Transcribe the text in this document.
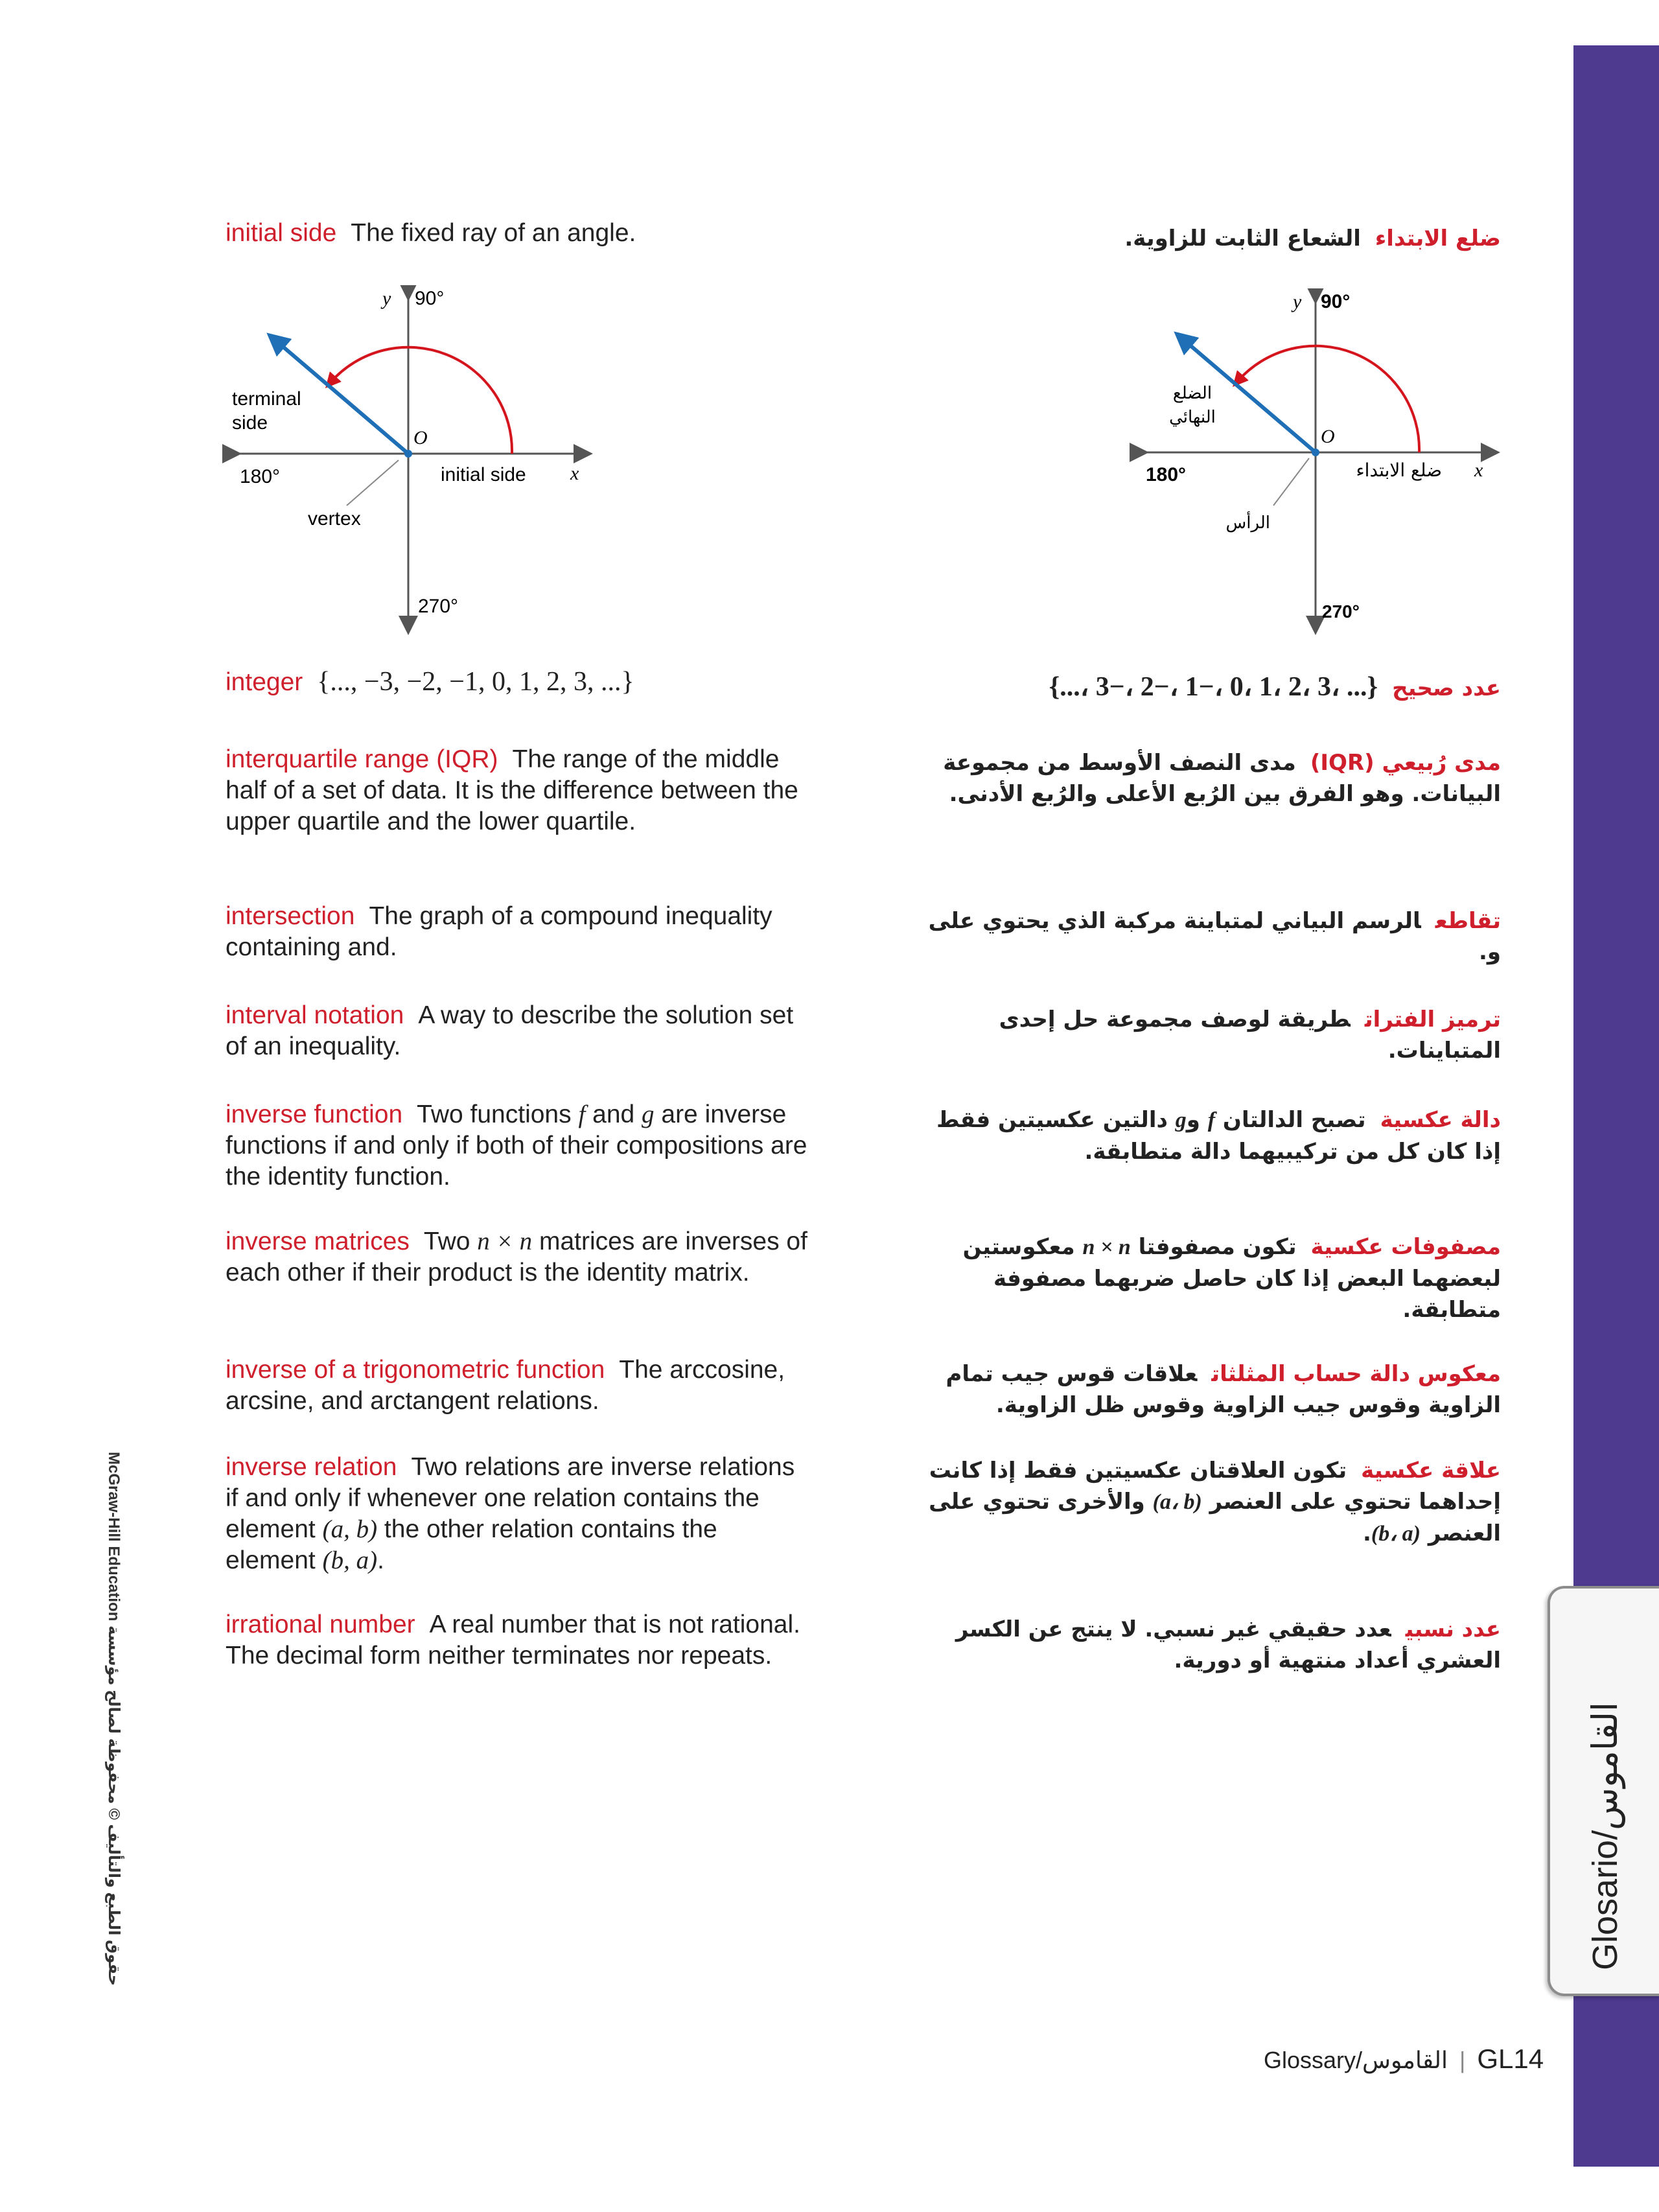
Glosario/القاموس
McGraw-Hill Education حقوق الطبع والتأليف © محفوظة لصالح مؤسسة
initial side The fixed ray of an angle.
y 90°
180°
270°
O
x
terminal
side
initial side
vertex
integer {..., −3, −2, −1, 0, 1, 2, 3, ...}
interquartile range (IQR) The range of the middle half of a set of data. It is the difference between the upper quartile and the lower quartile.
intersection The graph of a compound inequality containing and.
interval notation A way to describe the solution set of an inequality.
inverse function Two functions f and g are inverse functions if and only if both of their compositions are the identity function.
inverse matrices Two n × n matrices are inverses of each other if their product is the identity matrix.
inverse of a trigonometric function The arccosine, arcsine, and arctangent relations.
inverse relation Two relations are inverse relations if and only if whenever one relation contains the element (a, b) the other relation contains the element (b, a).
irrational number A real number that is not rational. The decimal form neither terminates nor repeats.
ضلع الابتداءالشعاع الثابت للزاوية.
y 90°
180°
270°
O
x
الضلع
النهائي
ضلع الابتداء
الرأس
عدد صحيح{... ،3 ،2 ،1 ،0 ،−1 ،−2 ،−3 ،...}
مدى رُبيعي (IQR)مدى النصف الأوسط من مجموعة البيانات. وهو الفرق بين الرُبع الأعلى والرُبع الأدنى.
تقاطعالرسم البياني لمتباينة مركبة الذي يحتوي على و.
ترميز الفتراتطريقة لوصف مجموعة حل إحدى المتباينات.
دالة عكسيةتصبح الدالتان f وg دالتين عكسيتين فقط إذا كان كل من تركيبيهما دالة متطابقة.
مصفوفات عكسيةتكون مصفوفتا n × n معكوستين لبعضهما البعض إذا كان حاصل ضربهما مصفوفة متطابقة.
معكوس دالة حساب المثلثاتعلاقات قوس جيب تمام الزاوية وقوس جيب الزاوية وقوس ظل الزاوية.
علاقة عكسيةتكون العلاقتان عكسيتين فقط إذا كانت إحداهما تحتوي على العنصر (a، b) والأخرى تحتوي على العنصر (b، a).
عدد نسبيعدد حقيقي غير نسبي. لا ينتج عن الكسر العشري أعداد منتهية أو دورية.
Glossary/القاموس | GL14
